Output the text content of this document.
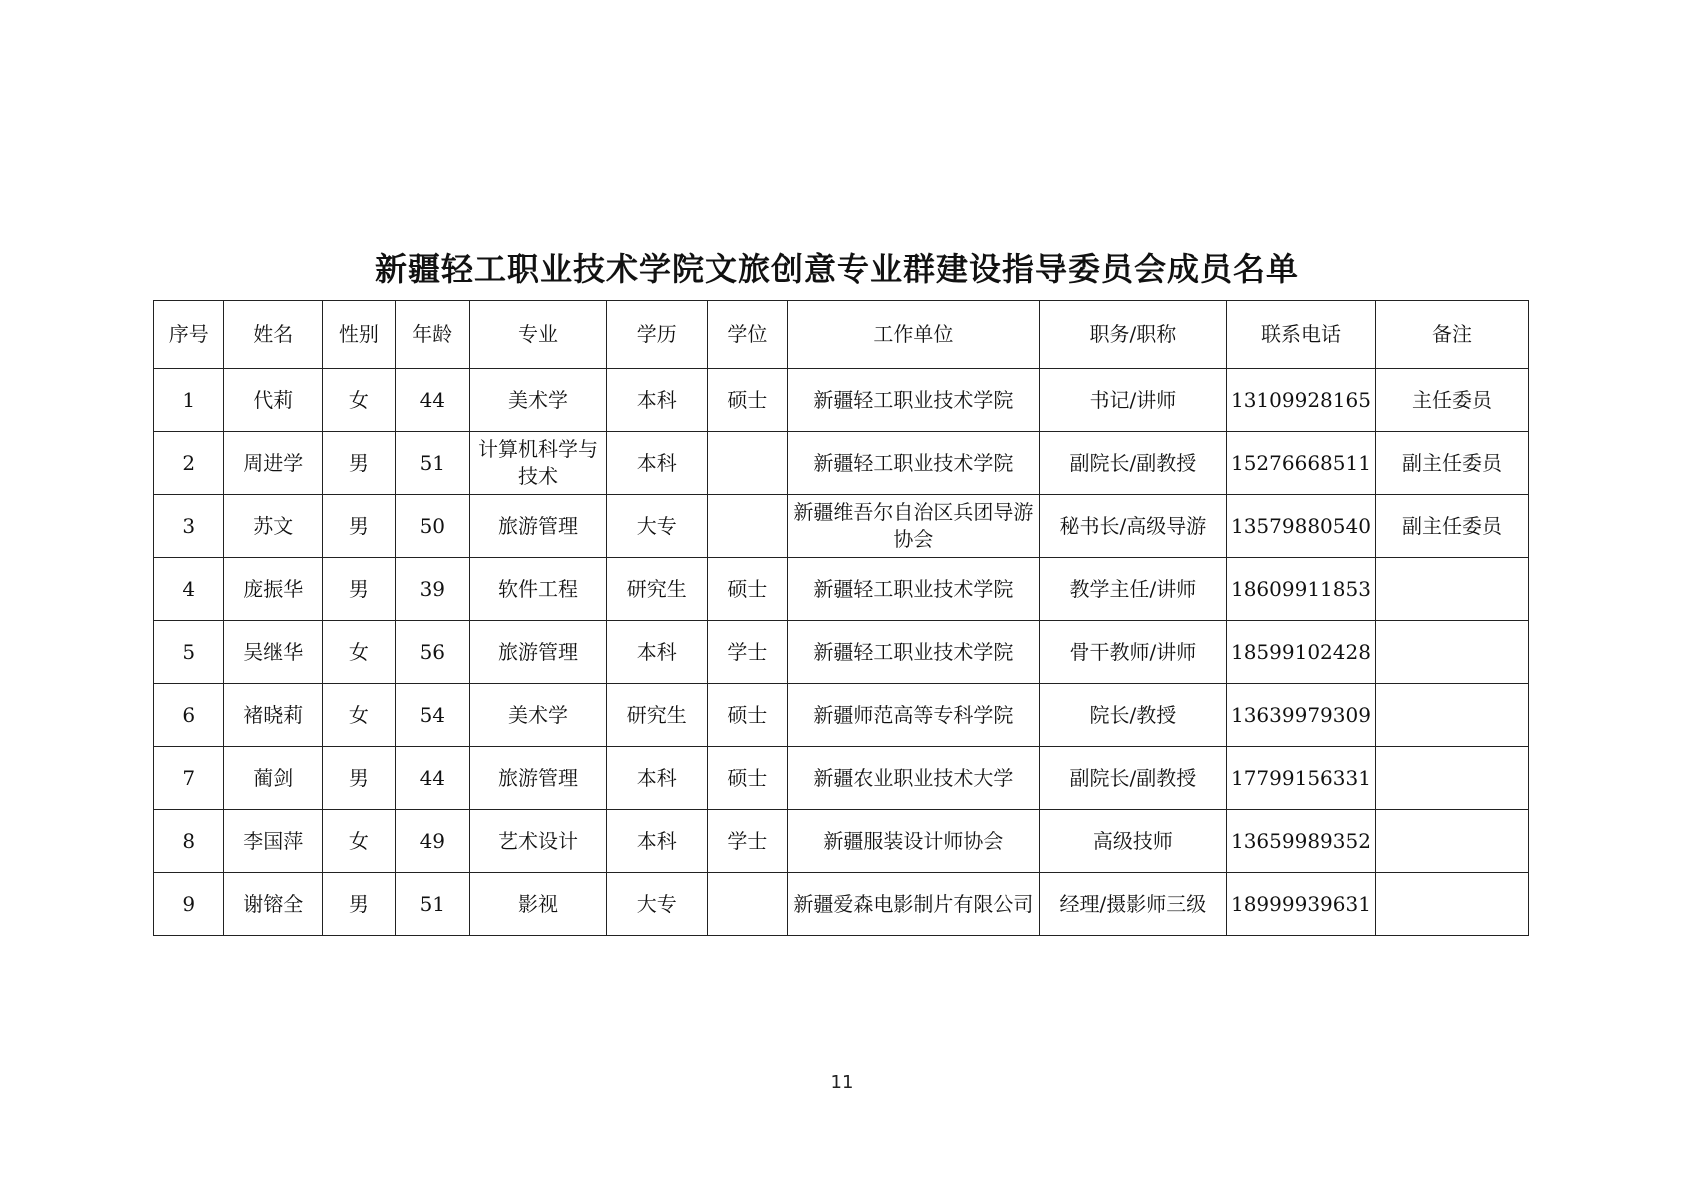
新疆轻工职业技术学院文旅创意专业群建设指导委员会成员名单
序号	姓名	性别	年龄	专业	学历	学位	工作单位	职务/职称	联系电话	备注
1	代莉	女	44	美术学	本科	硕士	新疆轻工职业技术学院	书记/讲师	13109928165	主任委员
2	周进学	男	51	计算机科学与技术	本科		新疆轻工职业技术学院	副院长/副教授	15276668511	副主任委员
3	苏文	男	50	旅游管理	大专		新疆维吾尔自治区兵团导游协会	秘书长/高级导游	13579880540	副主任委员
4	庞振华	男	39	软件工程	研究生	硕士	新疆轻工职业技术学院	教学主任/讲师	18609911853	
5	吴继华	女	56	旅游管理	本科	学士	新疆轻工职业技术学院	骨干教师/讲师	18599102428	
6	褚晓莉	女	54	美术学	研究生	硕士	新疆师范高等专科学院	院长/教授	13639979309	
7	蔺剑	男	44	旅游管理	本科	硕士	新疆农业职业技术大学	副院长/副教授	17799156331	
8	李国萍	女	49	艺术设计	本科	学士	新疆服装设计师协会	高级技师	13659989352	
9	谢镕全	男	51	影视	大专		新疆爱森电影制片有限公司	经理/摄影师三级	18999939631	
11
